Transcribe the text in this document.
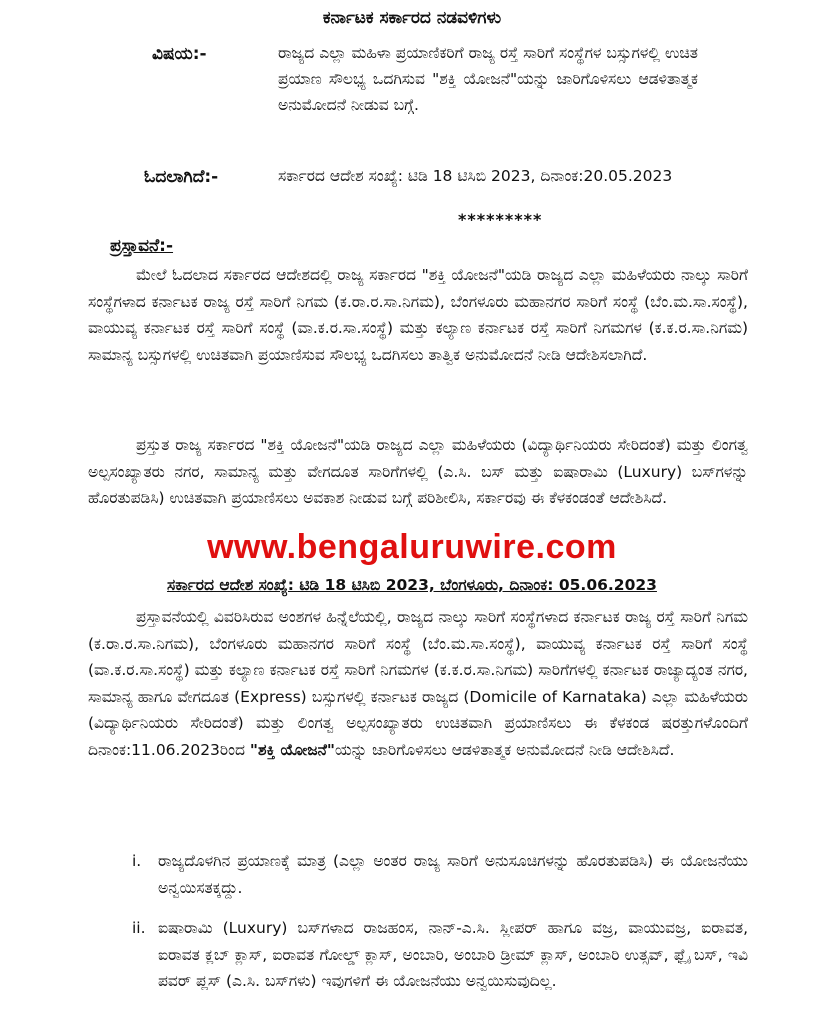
ಕರ್ನಾಟಕ ಸರ್ಕಾರದ ನಡವಳಿಗಳು
ವಿಷಯ:-	ರಾಜ್ಯದ ಎಲ್ಲಾ ಮಹಿಳಾ ಪ್ರಯಾಣಿಕರಿಗೆ ರಾಜ್ಯ ರಸ್ತೆ ಸಾರಿಗೆ ಸಂಸ್ಥೆಗಳ ಬಸ್ಸುಗಳಲ್ಲಿ ಉಚಿತ ಪ್ರಯಾಣ ಸೌಲಭ್ಯ ಒದಗಿಸುವ "ಶಕ್ತಿ ಯೋಜನೆ"ಯನ್ನು ಜಾರಿಗೊಳಿಸಲು ಆಡಳಿತಾತ್ಮಕ ಅನುಮೋದನೆ ನೀಡುವ ಬಗ್ಗೆ.
ಓದಲಾಗಿದೆ:-	ಸರ್ಕಾರದ ಆದೇಶ ಸಂಖ್ಯೆ: ಟಿಡಿ 18 ಟಿಸಿಬಿ 2023, ದಿನಾಂಕ:20.05.2023
*********
ಪ್ರಸ್ತಾವನೆ:-
ಮೇಲೆ ಓದಲಾದ ಸರ್ಕಾರದ ಆದೇಶದಲ್ಲಿ ರಾಜ್ಯ ಸರ್ಕಾರದ "ಶಕ್ತಿ ಯೋಜನೆ"ಯಡಿ ರಾಜ್ಯದ ಎಲ್ಲಾ ಮಹಿಳೆಯರು ನಾಲ್ಕು ಸಾರಿಗೆ ಸಂಸ್ಥೆಗಳಾದ ಕರ್ನಾಟಕ ರಾಜ್ಯ ರಸ್ತೆ ಸಾರಿಗೆ ನಿಗಮ (ಕ.ರಾ.ರ.ಸಾ.ನಿಗಮ), ಬೆಂಗಳೂರು ಮಹಾನಗರ ಸಾರಿಗೆ ಸಂಸ್ಥೆ (ಬೆಂ.ಮ.ಸಾ.ಸಂಸ್ಥೆ), ವಾಯುವ್ಯ ಕರ್ನಾಟಕ ರಸ್ತೆ ಸಾರಿಗೆ ಸಂಸ್ಥೆ (ವಾ.ಕ.ರ.ಸಾ.ಸಂಸ್ಥೆ) ಮತ್ತು ಕಲ್ಯಾಣ ಕರ್ನಾಟಕ ರಸ್ತೆ ಸಾರಿಗೆ ನಿಗಮಗಳ (ಕ.ಕ.ರ.ಸಾ.ನಿಗಮ) ಸಾಮಾನ್ಯ ಬಸ್ಸುಗಳಲ್ಲಿ ಉಚಿತವಾಗಿ ಪ್ರಯಾಣಿಸುವ ಸೌಲಭ್ಯ ಒದಗಿಸಲು ತಾತ್ವಿಕ ಅನುಮೋದನೆ ನೀಡಿ ಆದೇಶಿಸಲಾಗಿದೆ.
ಪ್ರಸ್ತುತ ರಾಜ್ಯ ಸರ್ಕಾರದ "ಶಕ್ತಿ ಯೋಜನೆ"ಯಡಿ ರಾಜ್ಯದ ಎಲ್ಲಾ ಮಹಿಳೆಯರು (ವಿದ್ಯಾರ್ಥಿನಿಯರು ಸೇರಿದಂತೆ) ಮತ್ತು ಲಿಂಗತ್ವ ಅಲ್ಪಸಂಖ್ಯಾತರು ನಗರ, ಸಾಮಾನ್ಯ ಮತ್ತು ವೇಗದೂತ ಸಾರಿಗೆಗಳಲ್ಲಿ (ಎ.ಸಿ. ಬಸ್ ಮತ್ತು ಐಷಾರಾಮಿ (Luxury) ಬಸ್‌ಗಳನ್ನು ಹೊರತುಪಡಿಸಿ) ಉಚಿತವಾಗಿ ಪ್ರಯಾಣಿಸಲು ಅವಕಾಶ ನೀಡುವ ಬಗ್ಗೆ ಪರಿಶೀಲಿಸಿ, ಸರ್ಕಾರವು ಈ ಕೆಳಕಂಡಂತೆ ಆದೇಶಿಸಿದೆ.
www.bengaluruwire.com
ಸರ್ಕಾರದ ಆದೇಶ ಸಂಖ್ಯೆ: ಟಿಡಿ 18 ಟಿಸಿಬಿ 2023, ಬೆಂಗಳೂರು, ದಿನಾಂಕ: 05.06.2023
ಪ್ರಸ್ತಾವನೆಯಲ್ಲಿ ವಿವರಿಸಿರುವ ಅಂಶಗಳ ಹಿನ್ನೆಲೆಯಲ್ಲಿ, ರಾಜ್ಯದ ನಾಲ್ಕು ಸಾರಿಗೆ ಸಂಸ್ಥೆಗಳಾದ ಕರ್ನಾಟಕ ರಾಜ್ಯ ರಸ್ತೆ ಸಾರಿಗೆ ನಿಗಮ (ಕ.ರಾ.ರ.ಸಾ.ನಿಗಮ), ಬೆಂಗಳೂರು ಮಹಾನಗರ ಸಾರಿಗೆ ಸಂಸ್ಥೆ (ಬೆಂ.ಮ.ಸಾ.ಸಂಸ್ಥೆ), ವಾಯುವ್ಯ ಕರ್ನಾಟಕ ರಸ್ತೆ ಸಾರಿಗೆ ಸಂಸ್ಥೆ (ವಾ.ಕ.ರ.ಸಾ.ಸಂಸ್ಥೆ) ಮತ್ತು ಕಲ್ಯಾಣ ಕರ್ನಾಟಕ ರಸ್ತೆ ಸಾರಿಗೆ ನಿಗಮಗಳ (ಕ.ಕ.ರ.ಸಾ.ನಿಗಮ) ಸಾರಿಗೆಗಳಲ್ಲಿ ಕರ್ನಾಟಕ ರಾಜ್ಯಾದ್ಯಂತ ನಗರ, ಸಾಮಾನ್ಯ ಹಾಗೂ ವೇಗದೂತ (Express) ಬಸ್ಸುಗಳಲ್ಲಿ ಕರ್ನಾಟಕ ರಾಜ್ಯದ (Domicile of Karnataka) ಎಲ್ಲಾ ಮಹಿಳೆಯರು (ವಿದ್ಯಾರ್ಥಿನಿಯರು ಸೇರಿದಂತೆ) ಮತ್ತು ಲಿಂಗತ್ವ ಅಲ್ಪಸಂಖ್ಯಾತರು ಉಚಿತವಾಗಿ ಪ್ರಯಾಣಿಸಲು ಈ ಕೆಳಕಂಡ ಷರತ್ತುಗಳೊಂದಿಗೆ ದಿನಾಂಕ:11.06.2023ರಿಂದ "ಶಕ್ತಿ ಯೋಜನೆ"ಯನ್ನು ಜಾರಿಗೊಳಿಸಲು ಆಡಳಿತಾತ್ಮಕ ಅನುಮೋದನೆ ನೀಡಿ ಆದೇಶಿಸಿದೆ.
i.	ರಾಜ್ಯದೊಳಗಿನ ಪ್ರಯಾಣಕ್ಕೆ ಮಾತ್ರ (ಎಲ್ಲಾ ಅಂತರ ರಾಜ್ಯ ಸಾರಿಗೆ ಅನುಸೂಚಿಗಳನ್ನು ಹೊರತುಪಡಿಸಿ) ಈ ಯೋಜನೆಯು ಅನ್ವಯಿಸತಕ್ಕದ್ದು.
ii. ಐಷಾರಾಮಿ (Luxury) ಬಸ್‌ಗಳಾದ ರಾಜಹಂಸ, ನಾನ್-ಎ.ಸಿ. ಸ್ಲೀಪರ್ ಹಾಗೂ ವಜ್ರ, ವಾಯುವಜ್ರ, ಐರಾವತ, ಐರಾವತ ಕ್ಲಬ್ ಕ್ಲಾಸ್, ಐರಾವತ ಗೋಲ್ಡ್ ಕ್ಲಾಸ್, ಅಂಬಾರಿ, ಅಂಬಾರಿ ಡ್ರೀಮ್ ಕ್ಲಾಸ್, ಅಂಬಾರಿ ಉತ್ಸವ್, ಫ್ಲೈ ಬಸ್, ಇವಿ ಪವರ್ ಪ್ಲಸ್ (ಎ.ಸಿ. ಬಸ್‌ಗಳು) ಇವುಗಳಿಗೆ ಈ ಯೋಜನೆಯು ಅನ್ವಯಿಸುವುದಿಲ್ಲ.
